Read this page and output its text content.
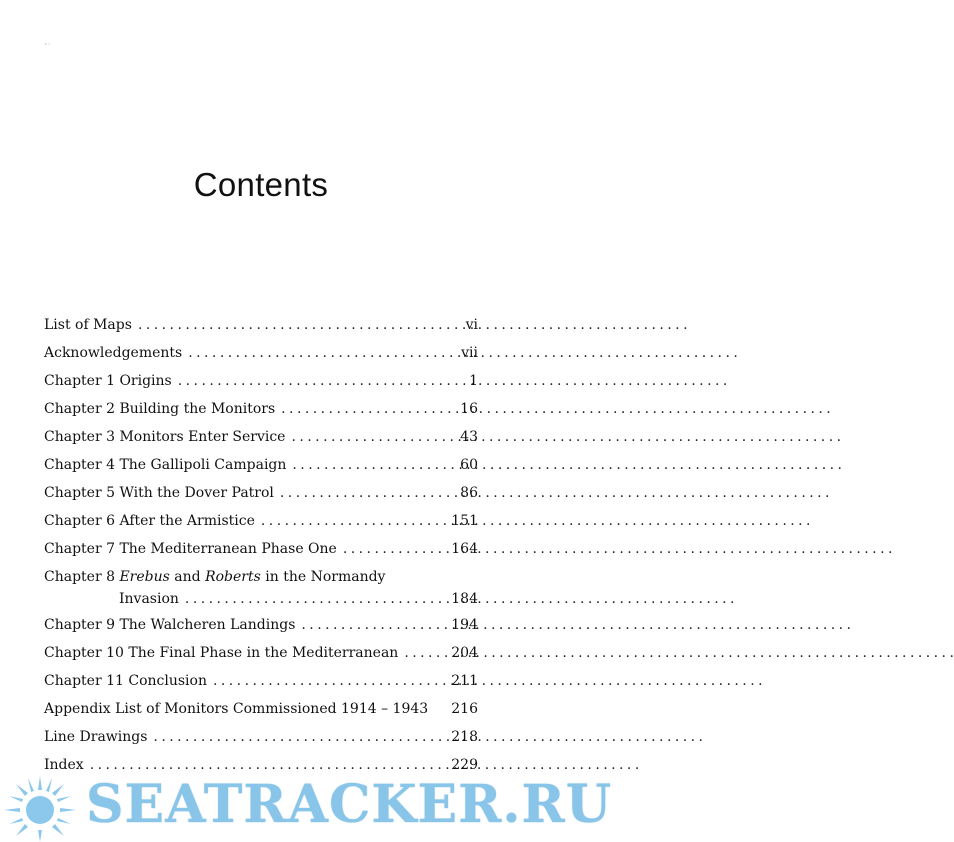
Contents
List of Maps . . .	vi
Acknowledgements . . .	vii
Chapter 1 Origins . . .	1
Chapter 2 Building the Monitors . . .	16
Chapter 3 Monitors Enter Service . . .	43
Chapter 4 The Gallipoli Campaign . . .	60
Chapter 5 With the Dover Patrol . . .	86
Chapter 6 After the Armistice . . .	151
Chapter 7 The Mediterranean Phase One . . .	164
Chapter 8 Erebus and Roberts in the Normandy
Invasion . . .	184
Chapter 9 The Walcheren Landings . . .	194
Chapter 10 The Final Phase in the Mediterranean . . .	204
Chapter 11 Conclusion . . .	211
Appendix List of Monitors Commissioned 1914 – 1943	216
Line Drawings . . .	218
Index . . .	229
SEATRACKER.RU
